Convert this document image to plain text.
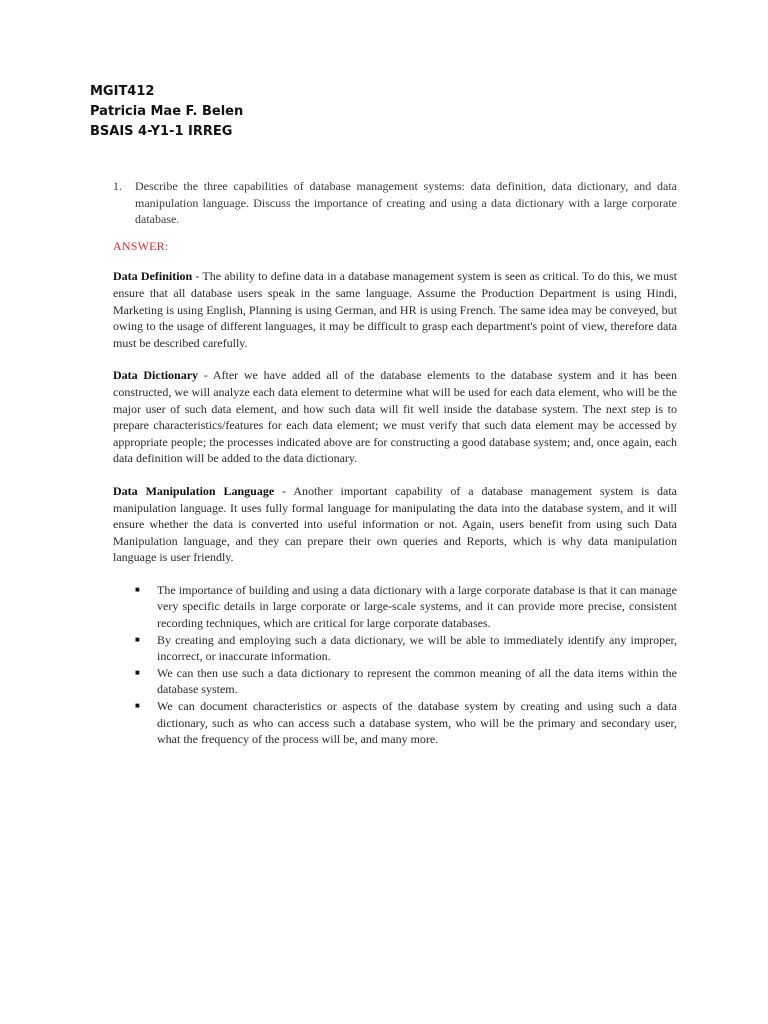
MGIT412
Patricia Mae F. Belen
BSAIS 4-Y1-1 IRREG
1. Describe the three capabilities of database management systems: data definition, data dictionary, and data manipulation language. Discuss the importance of creating and using a data dictionary with a large corporate database.
ANSWER:

Data Definition - The ability to define data in a database management system is seen as critical. To do this, we must ensure that all database users speak in the same language. Assume the Production Department is using Hindi, Marketing is using English, Planning is using German, and HR is using French. The same idea may be conveyed, but owing to the usage of different languages, it may be difficult to grasp each department's point of view, therefore data must be described carefully.

Data Dictionary - After we have added all of the database elements to the database system and it has been constructed, we will analyze each data element to determine what will be used for each data element, who will be the major user of such data element, and how such data will fit well inside the database system. The next step is to prepare characteristics/features for each data element; we must verify that such data element may be accessed by appropriate people; the processes indicated above are for constructing a good database system; and, once again, each data definition will be added to the data dictionary.

Data Manipulation Language - Another important capability of a database management system is data manipulation language. It uses fully formal language for manipulating the data into the database system, and it will ensure whether the data is converted into useful information or not. Again, users benefit from using such Data Manipulation language, and they can prepare their own queries and Reports, which is why data manipulation language is user friendly.

■ The importance of building and using a data dictionary with a large corporate database is that it can manage very specific details in large corporate or large-scale systems, and it can provide more precise, consistent recording techniques, which are critical for large corporate databases.
■ By creating and employing such a data dictionary, we will be able to immediately identify any improper, incorrect, or inaccurate information.
■ We can then use such a data dictionary to represent the common meaning of all the data items within the database system.
■ We can document characteristics or aspects of the database system by creating and using such a data dictionary, such as who can access such a database system, who will be the primary and secondary user, what the frequency of the process will be, and many more.
